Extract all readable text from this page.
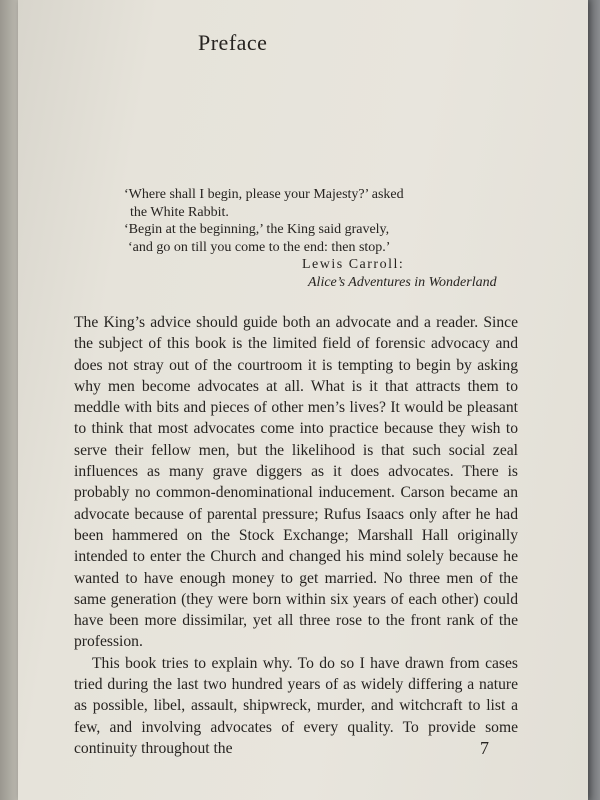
Preface
‘Where shall I begin, please your Majesty?’ asked
the White Rabbit.
‘Begin at the beginning,’ the King said gravely,
‘and go on till you come to the end: then stop.’
Lewis Carroll:
Alice’s Adventures in Wonderland

The King’s advice should guide both an advocate and a reader. Since the subject of this book is the limited field of forensic advocacy and does not stray out of the courtroom it is tempting to begin by asking why men become advocates at all. What is it that attracts them to meddle with bits and pieces of other men’s lives? It would be pleasant to think that most advocates come into practice because they wish to serve their fellow men, but the likelihood is that such social zeal influences as many grave diggers as it does advocates. There is probably no common-denominational inducement. Carson became an advocate because of parental pressure; Rufus Isaacs only after he had been hammered on the Stock Exchange; Marshall Hall originally intended to enter the Church and changed his mind solely because he wanted to have enough money to get married. No three men of the same generation (they were born within six years of each other) could have been more dissimilar, yet all three rose to the front rank of the profession.

This book tries to explain why. To do so I have drawn from cases tried during the last two hundred years of as widely differing a nature as possible, libel, assault, shipwreck, murder, and witchcraft to list a few, and involving advocates of every quality. To provide some continuity throughout the	7
